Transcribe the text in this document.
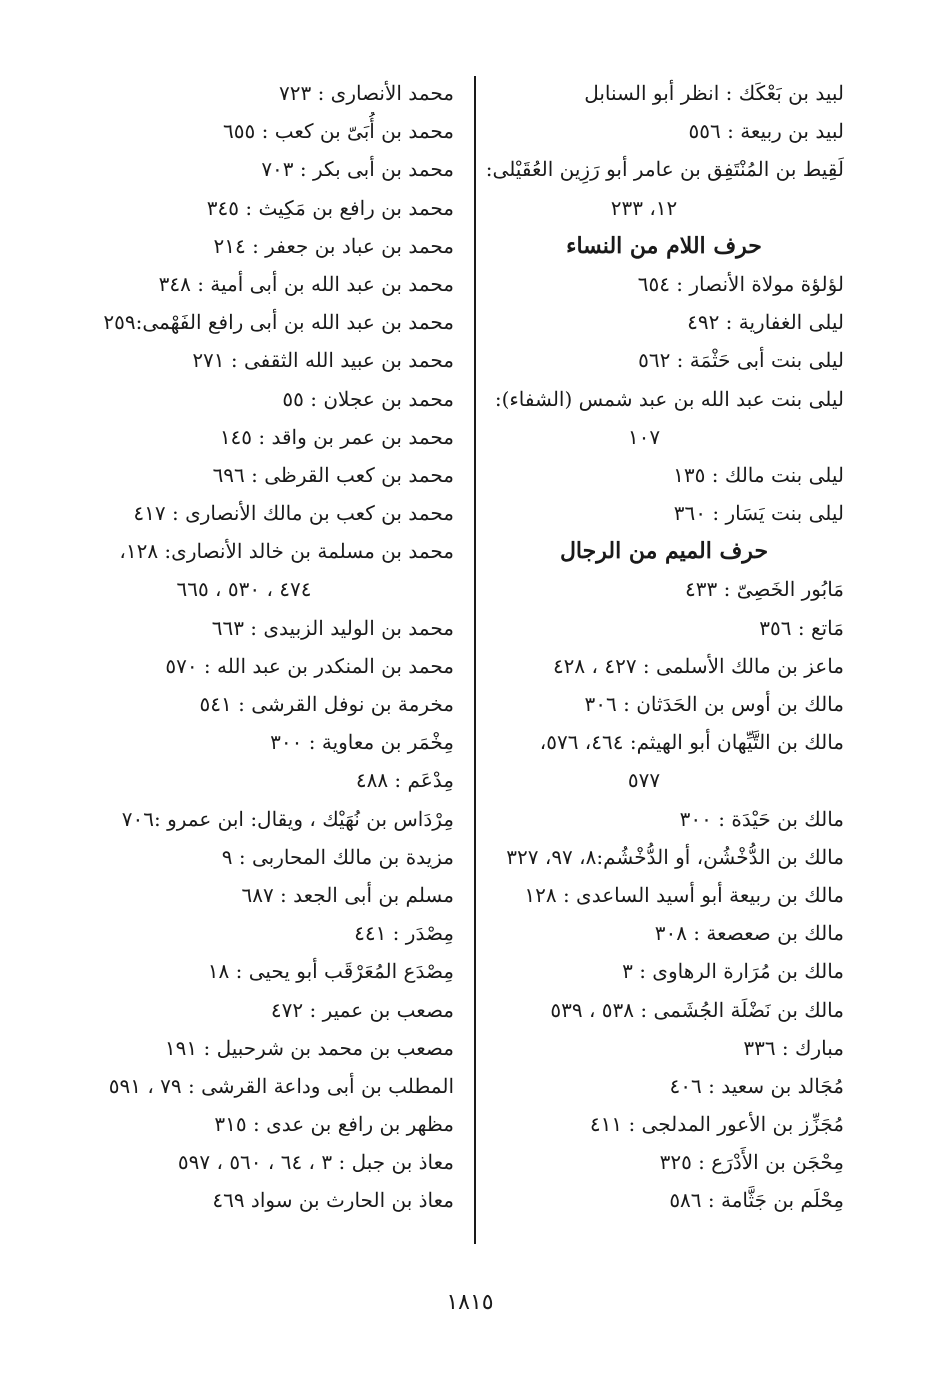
لبيد بن بَعْكَك : انظر أبو السنابل
لبيد بن ربيعة : ٥٥٦
لَقِيط بن المُنْتَفِق بن عامر أبو رَزِين العُقَيْلى:
١٢، ٢٣٣
حرف اللام من النساء
لؤلؤة مولاة الأنصار : ٦٥٤
ليلى الغفارية : ٤٩٢
ليلى بنت أبى حَثْمَة : ٥٦٢
ليلى بنت عبد الله بن عبد شمس (الشفاء):
١٠٧
ليلى بنت مالك : ١٣٥
ليلى بنت يَسَار : ٣٦٠
حرف الميم من الرجال
مَابُور الخَصِىّ : ٤٣٣
مَاتع : ٣٥٦
ماعز بن مالك الأسلمى : ٤٢٧ ، ٤٢٨
مالك بن أوس بن الحَدَثان : ٣٠٦
مالك بن التَّيِّهان أبو الهيثم: ٤٦٤، ٥٧٦،
٥٧٧
مالك بن حَيْدَة : ٣٠٠
مالك بن الدُّخْشُن، أو الدُّخْشُم:٨، ٩٧، ٣٢٧
مالك بن ربيعة أبو أسيد الساعدى : ١٢٨
مالك بن صعصعة : ٣٠٨
مالك بن مُرَارة الرهاوى : ٣
مالك بن نَضْلَة الجُشَمى : ٥٣٨ ، ٥٣٩
مبارك : ٣٣٦
مُجَالد بن سعيد : ٤٠٦
مُجَزِّز بن الأعور المدلجى : ٤١١
مِحْجَن بن الأَدْرَع : ٣٢٥
مِحْلَم بن جَثَّامة : ٥٨٦
محمد الأنصارى : ٧٢٣
محمد بن أُبَىّ بن كعب : ٦٥٥
محمد بن أبى بكر : ٧٠٣
محمد بن رافع بن مَكِيث : ٣٤٥
محمد بن عباد بن جعفر : ٢١٤
محمد بن عبد الله بن أبى أمية : ٣٤٨
محمد بن عبد الله بن أبى رافع الفَهْمى:٢٥٩
محمد بن عبيد الله الثقفى : ٢٧١
محمد بن عجلان : ٥٥
محمد بن عمر بن واقد : ١٤٥
محمد بن كعب القرظى : ٦٩٦
محمد بن كعب بن مالك الأنصارى : ٤١٧
محمد بن مسلمة بن خالد الأنصارى: ١٢٨،
٤٧٤ ، ٥٣٠ ، ٦٦٥
محمد بن الوليد الزبيدى : ٦٦٣
محمد بن المنكدر بن عبد الله : ٥٧٠
مخرمة بن نوفل القرشى : ٥٤١
مِخْمَر بن معاوية : ٣٠٠
مِدْعَم : ٤٨٨
مِرْدَاس بن نُهَيْك ، ويقال: ابن عمرو :٧٠٦
مزيدة بن مالك المحاربى : ٩
مسلم بن أبى الجعد : ٦٨٧
مِصْدَر : ٤٤١
مِصْدَع المُعَرْقَب أبو يحيى : ١٨
مصعب بن عمير : ٤٧٢
مصعب بن محمد بن شرحبيل : ١٩١
المطلب بن أبى وداعة القرشى : ٧٩ ، ٥٩١
مظهر بن رافع بن عدى : ٣١٥
معاذ بن جبل : ٣ ، ٦٤ ، ٥٦٠ ، ٥٩٧
معاذ بن الحارث بن سواد ٤٦٩
١٨١٥
